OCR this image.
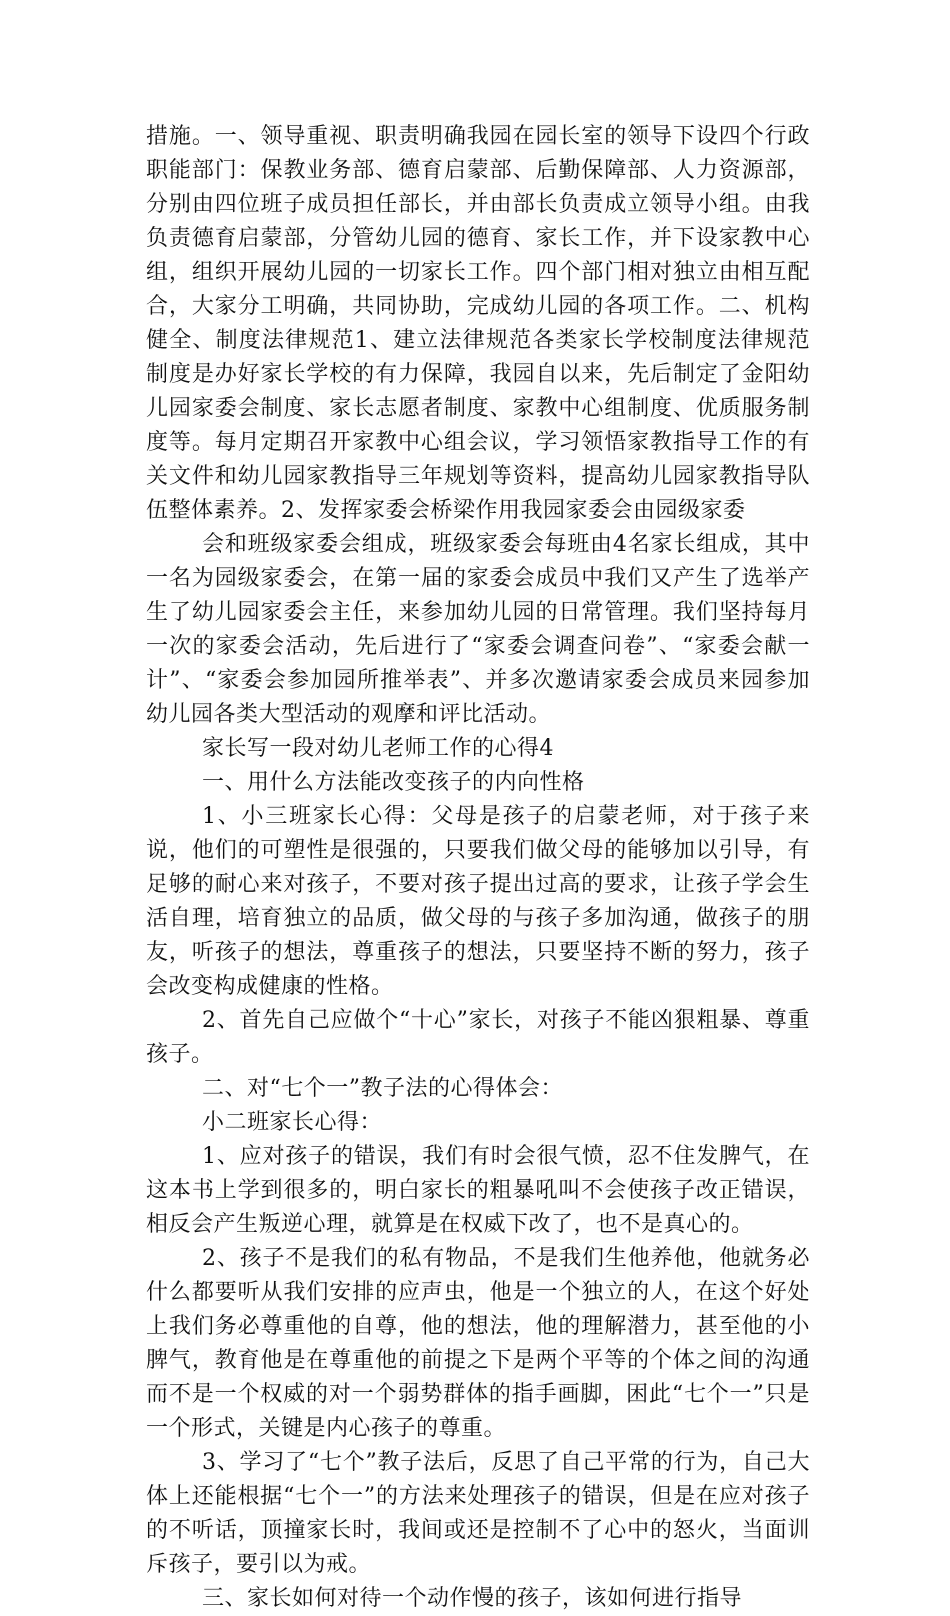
措施。一、领导重视、职责明确我园在园长室的领导下设四个行政职能部门：保教业务部、德育启蒙部、后勤保障部、人力资源部，分别由四位班子成员担任部长，并由部长负责成立领导小组。由我负责德育启蒙部，分管幼儿园的德育、家长工作，并下设家教中心组，组织开展幼儿园的一切家长工作。四个部门相对独立由相互配合，大家分工明确，共同协助，完成幼儿园的各项工作。二、机构健全、制度法律规范1、建立法律规范各类家长学校制度法律规范制度是办好家长学校的有力保障，我园自以来，先后制定了金阳幼儿园家委会制度、家长志愿者制度、家教中心组制度、优质服务制度等。每月定期召开家教中心组会议，学习领悟家教指导工作的有关文件和幼儿园家教指导三年规划等资料，提高幼儿园家教指导队伍整体素养。2、发挥家委会桥梁作用我园家委会由园级家委

会和班级家委会组成，班级家委会每班由4名家长组成，其中一名为园级家委会，在第一届的家委会成员中我们又产生了选举产生了幼儿园家委会主任，来参加幼儿园的日常管理。我们坚持每月一次的家委会活动，先后进行了“家委会调查问卷”、“家委会献一计”、“家委会参加园所推举表”、并多次邀请家委会成员来园参加幼儿园各类大型活动的观摩和评比活动。

家长写一段对幼儿老师工作的心得4

一、用什么方法能改变孩子的内向性格

1、小三班家长心得：父母是孩子的启蒙老师，对于孩子来说，他们的可塑性是很强的，只要我们做父母的能够加以引导，有足够的耐心来对孩子，不要对孩子提出过高的要求，让孩子学会生活自理，培育独立的品质，做父母的与孩子多加沟通，做孩子的朋友，听孩子的想法，尊重孩子的想法，只要坚持不断的努力，孩子会改变构成健康的性格。

2、首先自己应做个“十心”家长，对孩子不能凶狠粗暴、尊重孩子。

二、对“七个一”教子法的心得体会：

小二班家长心得：

1、应对孩子的错误，我们有时会很气愤，忍不住发脾气，在这本书上学到很多的，明白家长的粗暴吼叫不会使孩子改正错误，相反会产生叛逆心理，就算是在权威下改了，也不是真心的。

2、孩子不是我们的私有物品，不是我们生他养他，他就务必什么都要听从我们安排的应声虫，他是一个独立的人，在这个好处上我们务必尊重他的自尊，他的想法，他的理解潜力，甚至他的小脾气，教育他是在尊重他的前提之下是两个平等的个体之间的沟通而不是一个权威的对一个弱势群体的指手画脚，困此“七个一”只是一个形式，关键是内心孩子的尊重。

3、学习了“七个”教子法后，反思了自己平常的行为，自己大体上还能根据“七个一”的方法来处理孩子的错误，但是在应对孩子的不听话，顶撞家长时，我间或还是控制不了心中的怒火，当面训斥孩子，要引以为戒。

三、家长如何对待一个动作慢的孩子，该如何进行指导
